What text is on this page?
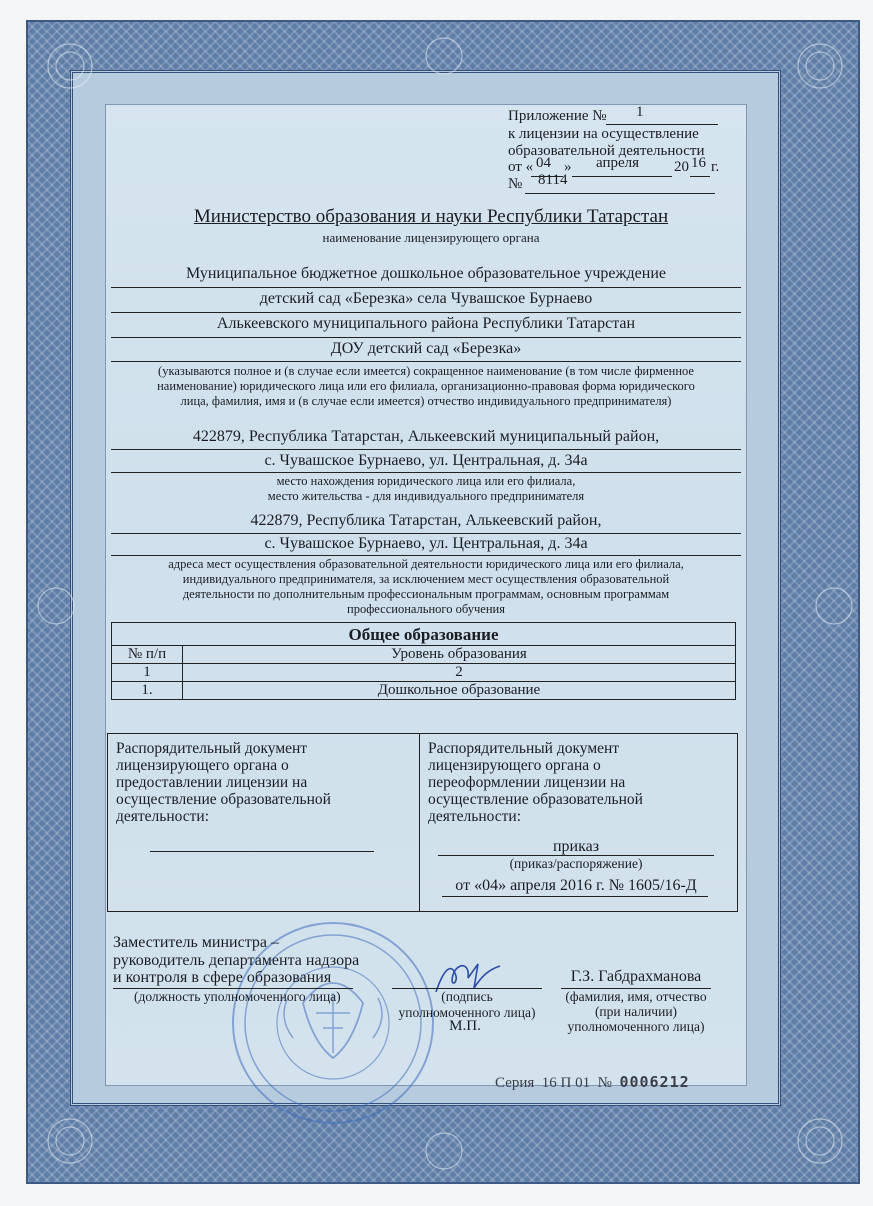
Приложение № 1
к лицензии на осуществление
образовательной деятельности
от « 04 » апреля 20 16 г.
№ 8114
Министерство образования и науки Республики Татарстан
наименование лицензирующего органа
Муниципальное бюджетное дошкольное образовательное учреждение
детский сад «Березка» села Чувашское Бурнаево
Алькеевского муниципального района Республики Татарстан
ДОУ детский сад «Березка»
(указываются полное и (в случае если имеется) сокращенное наименование (в том числе фирменное
наименование) юридического лица или его филиала, организационно-правовая форма юридического
лица, фамилия, имя и (в случае если имеется) отчество индивидуального предпринимателя)
422879, Республика Татарстан, Алькеевский муниципальный район,
с. Чувашское Бурнаево, ул. Центральная, д. 34а
место нахождения юридического лица или его филиала,
место жительства - для индивидуального предпринимателя
422879, Республика Татарстан, Алькеевский район,
с. Чувашское Бурнаево, ул. Центральная, д. 34а
адреса мест осуществления образовательной деятельности юридического лица или его филиала,
индивидуального предпринимателя, за исключением мест осуществления образовательной
деятельности по дополнительным профессиональным программам, основным программам
профессионального обучения
Общее образование	
№ п/п	Уровень образования
1	2
1.	Дошкольное образование
Распорядительный документ
лицензирующего органа о
предоставлении лицензии на
осуществление образовательной
деятельности:
Распорядительный документ
лицензирующего органа о
переоформлении лицензии на
осуществление образовательной
деятельности:
приказ
(приказ/распоряжение)
от «04» апреля 2016 г. № 1605/16-Д
Заместитель министра –
руководитель департамента надзора
и контроля в сфере образования
(должность уполномоченного лица)	(подпись
уполномоченного лица)
М.П.
Г.З. Габдрахманова
(фамилия, имя, отчество
(при наличии)
уполномоченного лица)
Серия 16 П 01 № 0006212
